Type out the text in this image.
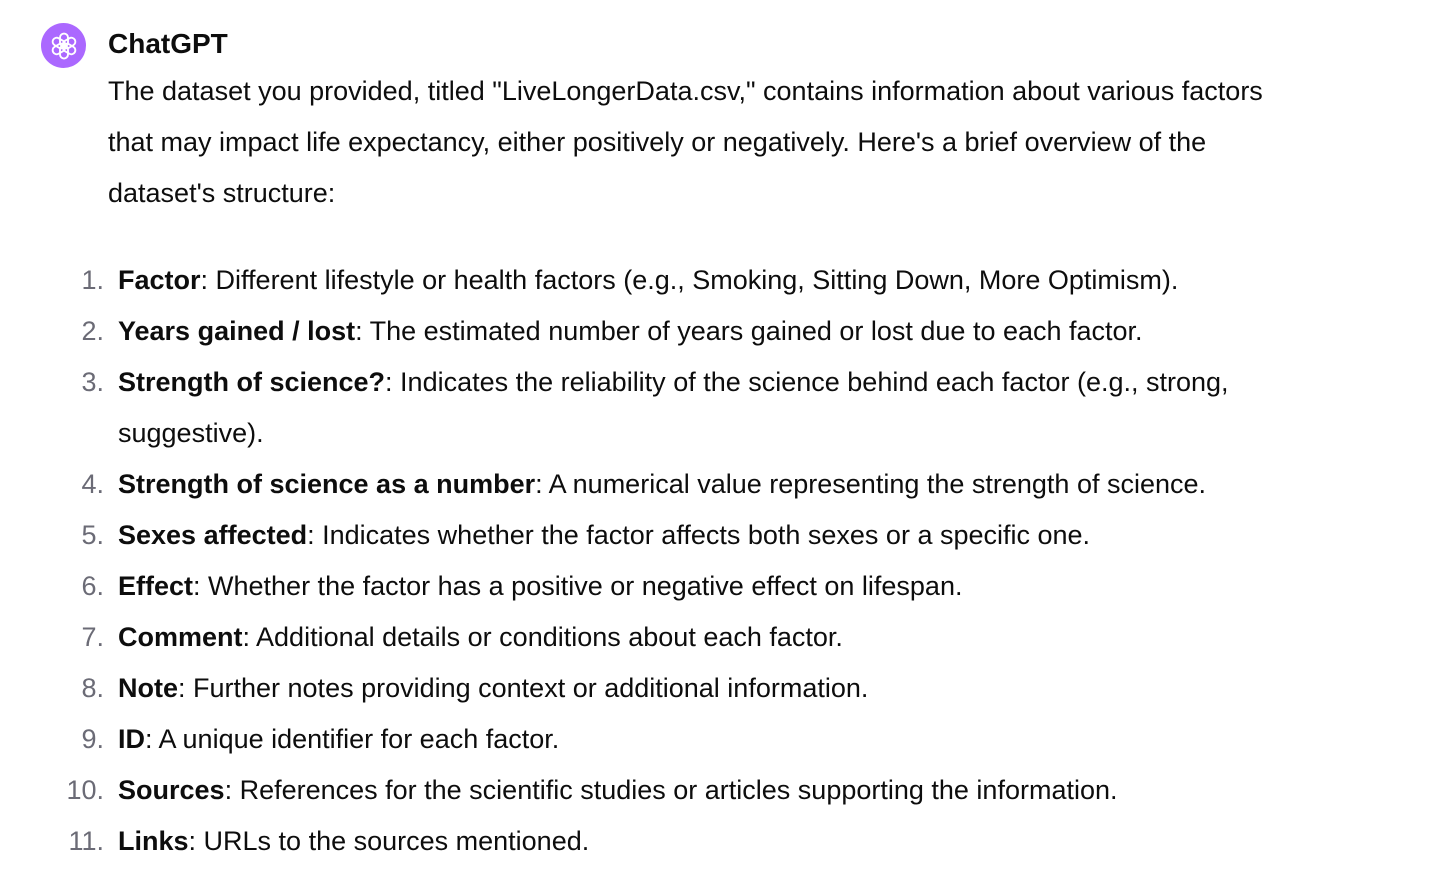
ChatGPT

The dataset you provided, titled "LiveLongerData.csv," contains information about various factors
that may impact life expectancy, either positively or negatively. Here's a brief overview of the
dataset's structure:

1. Factor: Different lifestyle or health factors (e.g., Smoking, Sitting Down, More Optimism).
2. Years gained / lost: The estimated number of years gained or lost due to each factor.
3. Strength of science?: Indicates the reliability of the science behind each factor (e.g., strong,
suggestive).
4. Strength of science as a number: A numerical value representing the strength of science.
5. Sexes affected: Indicates whether the factor affects both sexes or a specific one.
6. Effect: Whether the factor has a positive or negative effect on lifespan.
7. Comment: Additional details or conditions about each factor.
8. Note: Further notes providing context or additional information.
9. ID: A unique identifier for each factor.
10. Sources: References for the scientific studies or articles supporting the information.
11. Links: URLs to the sources mentioned.
